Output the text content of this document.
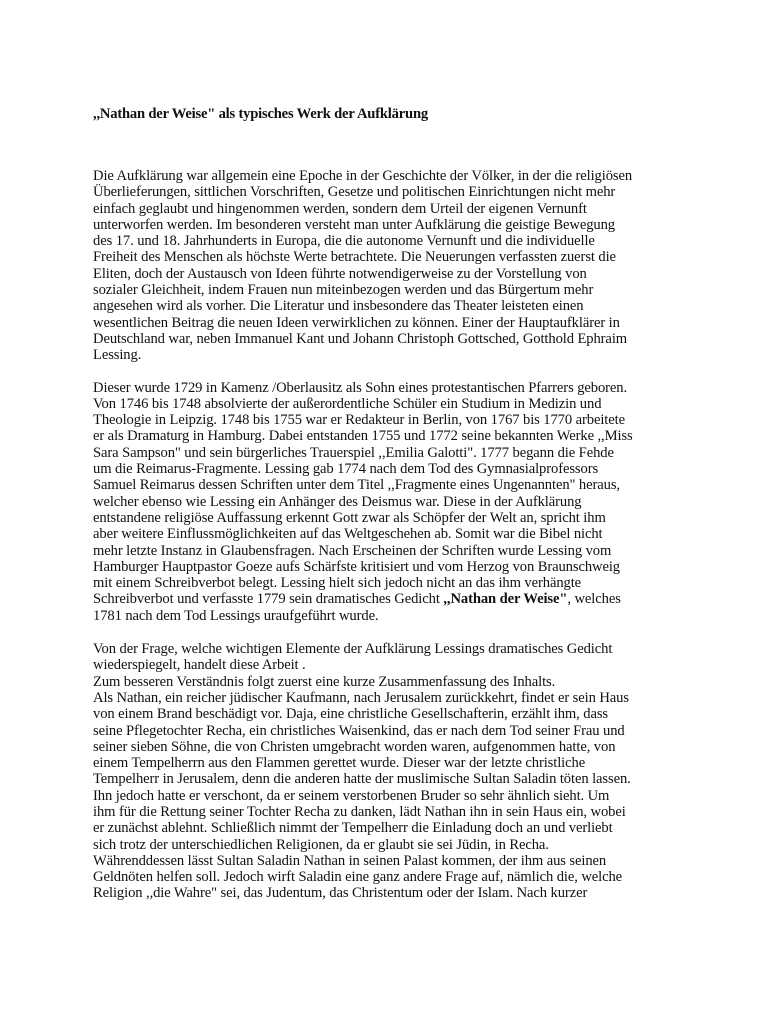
,,Nathan der Weise" als typisches Werk der Aufklärung

Die Aufklärung war allgemein eine Epoche in der Geschichte der Völker, in der die religiösen
Überlieferungen, sittlichen Vorschriften, Gesetze und politischen Einrichtungen nicht mehr
einfach geglaubt und hingenommen werden, sondern dem Urteil der eigenen Vernunft
unterworfen werden. Im besonderen versteht man unter Aufklärung die geistige Bewegung
des 17. und 18. Jahrhunderts in Europa, die die autonome Vernunft und die individuelle
Freiheit des Menschen als höchste Werte betrachtete. Die Neuerungen verfassten zuerst die
Eliten, doch der Austausch von Ideen führte notwendigerweise zu der Vorstellung von
sozialer Gleichheit, indem Frauen nun miteinbezogen werden und das Bürgertum mehr
angesehen wird als vorher. Die Literatur und insbesondere das Theater leisteten einen
wesentlichen Beitrag die neuen Ideen verwirklichen zu können. Einer der Hauptaufklärer in
Deutschland war, neben Immanuel Kant und Johann Christoph Gottsched, Gotthold Ephraim
Lessing.

Dieser wurde 1729 in Kamenz /Oberlausitz als Sohn eines protestantischen Pfarrers geboren.
Von 1746 bis 1748 absolvierte der außerordentliche Schüler ein Studium in Medizin und
Theologie in Leipzig. 1748 bis 1755 war er Redakteur in Berlin, von 1767 bis 1770 arbeitete
er als Dramaturg in Hamburg. Dabei entstanden 1755 und 1772 seine bekannten Werke ,,Miss
Sara Sampson" und sein bürgerliches Trauerspiel ,,Emilia Galotti". 1777 begann die Fehde
um die Reimarus-Fragmente. Lessing gab 1774 nach dem Tod des Gymnasialprofessors
Samuel Reimarus dessen Schriften unter dem Titel ,,Fragmente eines Ungenannten" heraus,
welcher ebenso wie Lessing ein Anhänger des Deismus war. Diese in der Aufklärung
entstandene religiöse Auffassung erkennt Gott zwar als Schöpfer der Welt an, spricht ihm
aber weitere Einflussmöglichkeiten auf das Weltgeschehen ab. Somit war die Bibel nicht
mehr letzte Instanz in Glaubensfragen. Nach Erscheinen der Schriften wurde Lessing vom
Hamburger Hauptpastor Goeze aufs Schärfste kritisiert und vom Herzog von Braunschweig
mit einem Schreibverbot belegt. Lessing hielt sich jedoch nicht an das ihm verhängte
Schreibverbot und verfasste 1779 sein dramatisches Gedicht ,,Nathan der Weise", welches
1781 nach dem Tod Lessings uraufgeführt wurde.

Von der Frage, welche wichtigen Elemente der Aufklärung Lessings dramatisches Gedicht
wiederspiegelt, handelt diese Arbeit .
Zum besseren Verständnis folgt zuerst eine kurze Zusammenfassung des Inhalts.
Als Nathan, ein reicher jüdischer Kaufmann, nach Jerusalem zurückkehrt, findet er sein Haus
von einem Brand beschädigt vor. Daja, eine christliche Gesellschafterin, erzählt ihm, dass
seine Pflegetochter Recha, ein christliches Waisenkind, das er nach dem Tod seiner Frau und
seiner sieben Söhne, die von Christen umgebracht worden waren, aufgenommen hatte, von
einem Tempelherrn aus den Flammen gerettet wurde. Dieser war der letzte christliche
Tempelherr in Jerusalem, denn die anderen hatte der muslimische Sultan Saladin töten lassen.
Ihn jedoch hatte er verschont, da er seinem verstorbenen Bruder so sehr ähnlich sieht. Um
ihm für die Rettung seiner Tochter Recha zu danken, lädt Nathan ihn in sein Haus ein, wobei
er zunächst ablehnt. Schließlich nimmt der Tempelherr die Einladung doch an und verliebt
sich trotz der unterschiedlichen Religionen, da er glaubt sie sei Jüdin, in Recha.
Währenddessen lässt Sultan Saladin Nathan in seinen Palast kommen, der ihm aus seinen
Geldnöten helfen soll. Jedoch wirft Saladin eine ganz andere Frage auf, nämlich die, welche
Religion ,,die Wahre" sei, das Judentum, das Christentum oder der Islam. Nach kurzer
